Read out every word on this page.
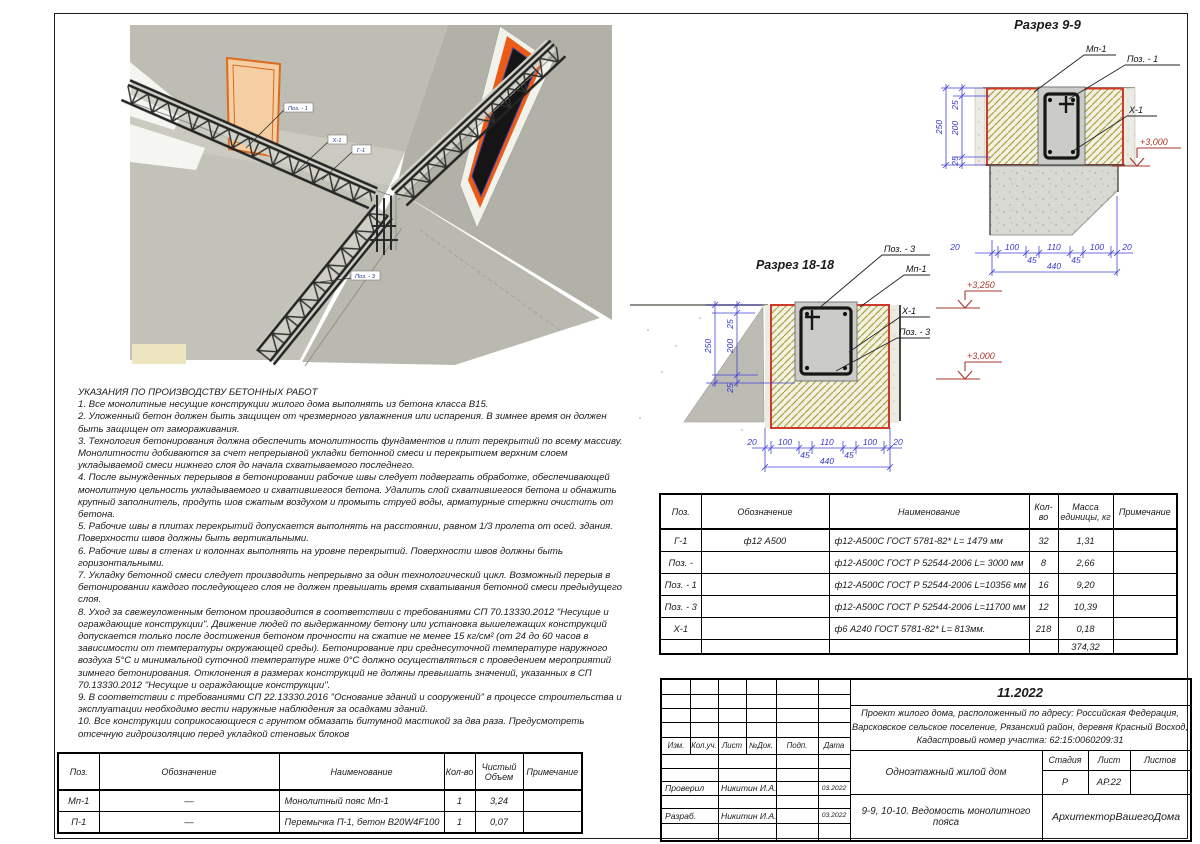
Поз. - 1
Х-1
Г-1
Поз. - 3
Мп-1
Поз. - 1
Х-1
250
25
200
25
20	100	110	100 20
45	45
440
+3,000
Поз. - 3
Мп-1
Х-1
Поз. - 3
250
25
200
25
20 100	110	100 20
45	45
440
+3,250
+3,000
Разрез 9-9
Разрез 18-18
УКАЗАНИЯ ПО ПРОИЗВОДСТВУ БЕТОННЫХ РАБОТ
1. Все монолитные несущие конструкции жилого дома выполнять из бетона класса В15.
2. Уложенный бетон должен быть защищен от чрезмерного увлажнения или испарения. В зимнее время он должен
быть защищен от замораживания.
3. Технология бетонирования должна обеспечить монолитность фундаментов и плит перекрытий по всему массиву.
Монолитности добиваются за счет непрерывной укладки бетонной смеси и перекрытием верхним слоем
укладываемой смеси нижнего слоя до начала схватываемого последнего.
4. После вынужденных перерывов в бетонировании рабочие швы следует подвергать обработке, обеспечивающей
монолитную цельность укладываемого и схватившегося бетона. Удалить слой схватившегося бетона и обнажить
крупный заполнитель, продуть шов сжатым воздухом и промыть струей воды, арматурные стержни очистить от
бетона.
5. Рабочие швы в плитах перекрытий допускается выполнять на расстоянии, равном 1/3 пролета от осей. здания.
Поверхности швов должны быть вертикальными.
6. Рабочие швы в стенах и колоннах выполнять на уровне перекрытий. Поверхности швов должны быть
горизонтальными.
7. Укладку бетонной смеси следует производить непрерывно за один технологический цикл. Возможный перерыв в
бетонировании каждого последующего слоя не должен превышать время схватывания бетонной смеси предыдущего
слоя.
8. Уход за свежеуложенным бетоном производится в соответствии с требованиями СП 70.13330.2012 "Несущие и
ограждающие конструкции". Движение людей по выдержанному бетону или установка вышележащих конструкций
допускается только после достижения бетоном прочности на сжатие не менее 15 кг/см² (от 24 до 60 часов в
зависимости от температуры окружающей среды). Бетонирование при среднесуточной температуре наружного
воздуха 5°С и минимальной суточной температуре ниже 0°С должно осуществляться с проведением мероприятий
зимнего бетонирования. Отклонения в размерах конструкций не должны превышать значений, указанных в СП
70.13330.2012 "Несущие и ограждающие конструкции".
9. В соответствии с требованиями СП 22.13330.2016 "Основание зданий и сооружений" в процессе строительства и
эксплуатации необходимо вести наружные наблюдения за осадками зданий.
10. Все конструкции соприкосающиеся с грунтом обмазать битумной мастикой за два раза. Предусмотреть
отсечную гидроизоляцию перед укладкой стеновых блоков
Поз.	Обозначение	Наименование	Кол-во	Чистый Объем	Примечание
Мп-1	—	Монолитный пояс Мп-1	1	3,24	
П-1	—	Перемычка П-1, бетон B20W4F100	1	0,07	
Поз.	Обозначение	Наименование	Кол-во	Масса единицы, кг	Примечание
Г-1	ф12 А500	ф12-А500С ГОСТ 5781-82* L= 1479 мм	32	1,31	
Поз. -		ф12-А500С ГОСТ Р 52544-2006 L= 3000 мм	8	2,66	
Поз. - 1		ф12-А500С ГОСТ Р 52544-2006 L=10356 мм	16	9,20	
Поз. - 3		ф12-А500С ГОСТ Р 52544-2006 L=11700 мм	12	10,39	
Х-1		ф6 А240 ГОСТ 5781-82* L= 813мм.	218	0,18	
				374,32	
Изм. Кол.уч. Лист №Док.	Подп.	Дата
Проверил	Никитин И.А.	03.2022
Разраб.	Никитин И.А.	03.2022
11.2022
Проект жилого дома, расположенный по адресу: Российская Федерация,
Варсковское сельское поселение, Рязанский район, деревня Красный Восход,
Кадастровый номер участка: 62:15:0060209:31
Одноэтажный жилой дом
9-9, 10-10. Ведомость монолитного пояса
Стадия	Лист	Листов
Р	АР.22
АрхитекторВашегоДома
